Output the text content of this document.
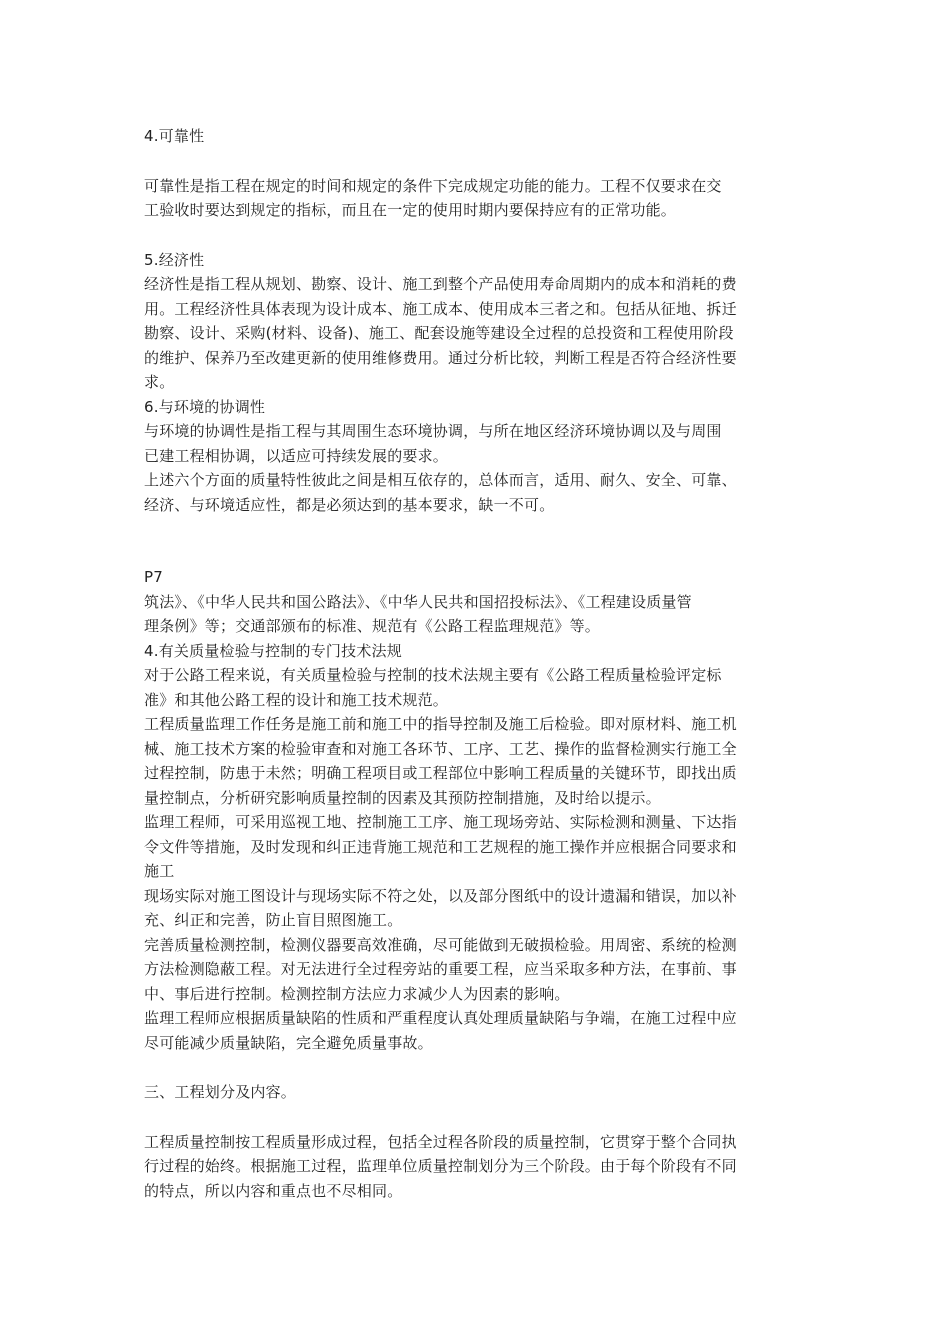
4.可靠性
可靠性是指工程在规定的时间和规定的条件下完成规定功能的能力。工程不仅要求在交
工验收时要达到规定的指标，而且在一定的使用时期内要保持应有的正常功能。
5.经济性
经济性是指工程从规划、勘察、设计、施工到整个产品使用寿命周期内的成本和消耗的费
用。工程经济性具体表现为设计成本、施工成本、使用成本三者之和。包括从征地、拆迁
勘察、设计、采购(材料、设备)、施工、配套设施等建设全过程的总投资和工程使用阶段
的维护、保养乃至改建更新的使用维修费用。通过分析比较，判断工程是否符合经济性要
求。
6.与环境的协调性
与环境的协调性是指工程与其周围生态环境协调，与所在地区经济环境协调以及与周围
已建工程相协调，以适应可持续发展的要求。
上述六个方面的质量特性彼此之间是相互依存的，总体而言，适用、耐久、安全、可靠、
经济、与环境适应性，都是必须达到的基本要求，缺一不可。
P7
筑法》、《中华人民共和国公路法》、《中华人民共和国招投标法》、《工程建设质量管
理条例》等；交通部颁布的标准、规范有《公路工程监理规范》等。
4.有关质量检验与控制的专门技术法规
对于公路工程来说，有关质量检验与控制的技术法规主要有《公路工程质量检验评定标
准》和其他公路工程的设计和施工技术规范。
工程质量监理工作任务是施工前和施工中的指导控制及施工后检验。即对原材料、施工机
械、施工技术方案的检验审查和对施工各环节、工序、工艺、操作的监督检测实行施工全
过程控制，防患于未然；明确工程项目或工程部位中影响工程质量的关键环节，即找出质
量控制点，分析研究影响质量控制的因素及其预防控制措施，及时给以提示。
监理工程师，可采用巡视工地、控制施工工序、施工现场旁站、实际检测和测量、下达指
令文件等措施，及时发现和纠正违背施工规范和工艺规程的施工操作并应根据合同要求和
施工
现场实际对施工图设计与现场实际不符之处，以及部分图纸中的设计遗漏和错误，加以补
充、纠正和完善，防止盲目照图施工。
完善质量检测控制，检测仪器要高效准确，尽可能做到无破损检验。用周密、系统的检测
方法检测隐蔽工程。对无法进行全过程旁站的重要工程，应当采取多种方法，在事前、事
中、事后进行控制。检测控制方法应力求减少人为因素的影响。
监理工程师应根据质量缺陷的性质和严重程度认真处理质量缺陷与争端，在施工过程中应
尽可能减少质量缺陷，完全避免质量事故。
三、工程划分及内容。
工程质量控制按工程质量形成过程，包括全过程各阶段的质量控制，它贯穿于整个合同执
行过程的始终。根据施工过程，监理单位质量控制划分为三个阶段。由于每个阶段有不同
的特点，所以内容和重点也不尽相同。
